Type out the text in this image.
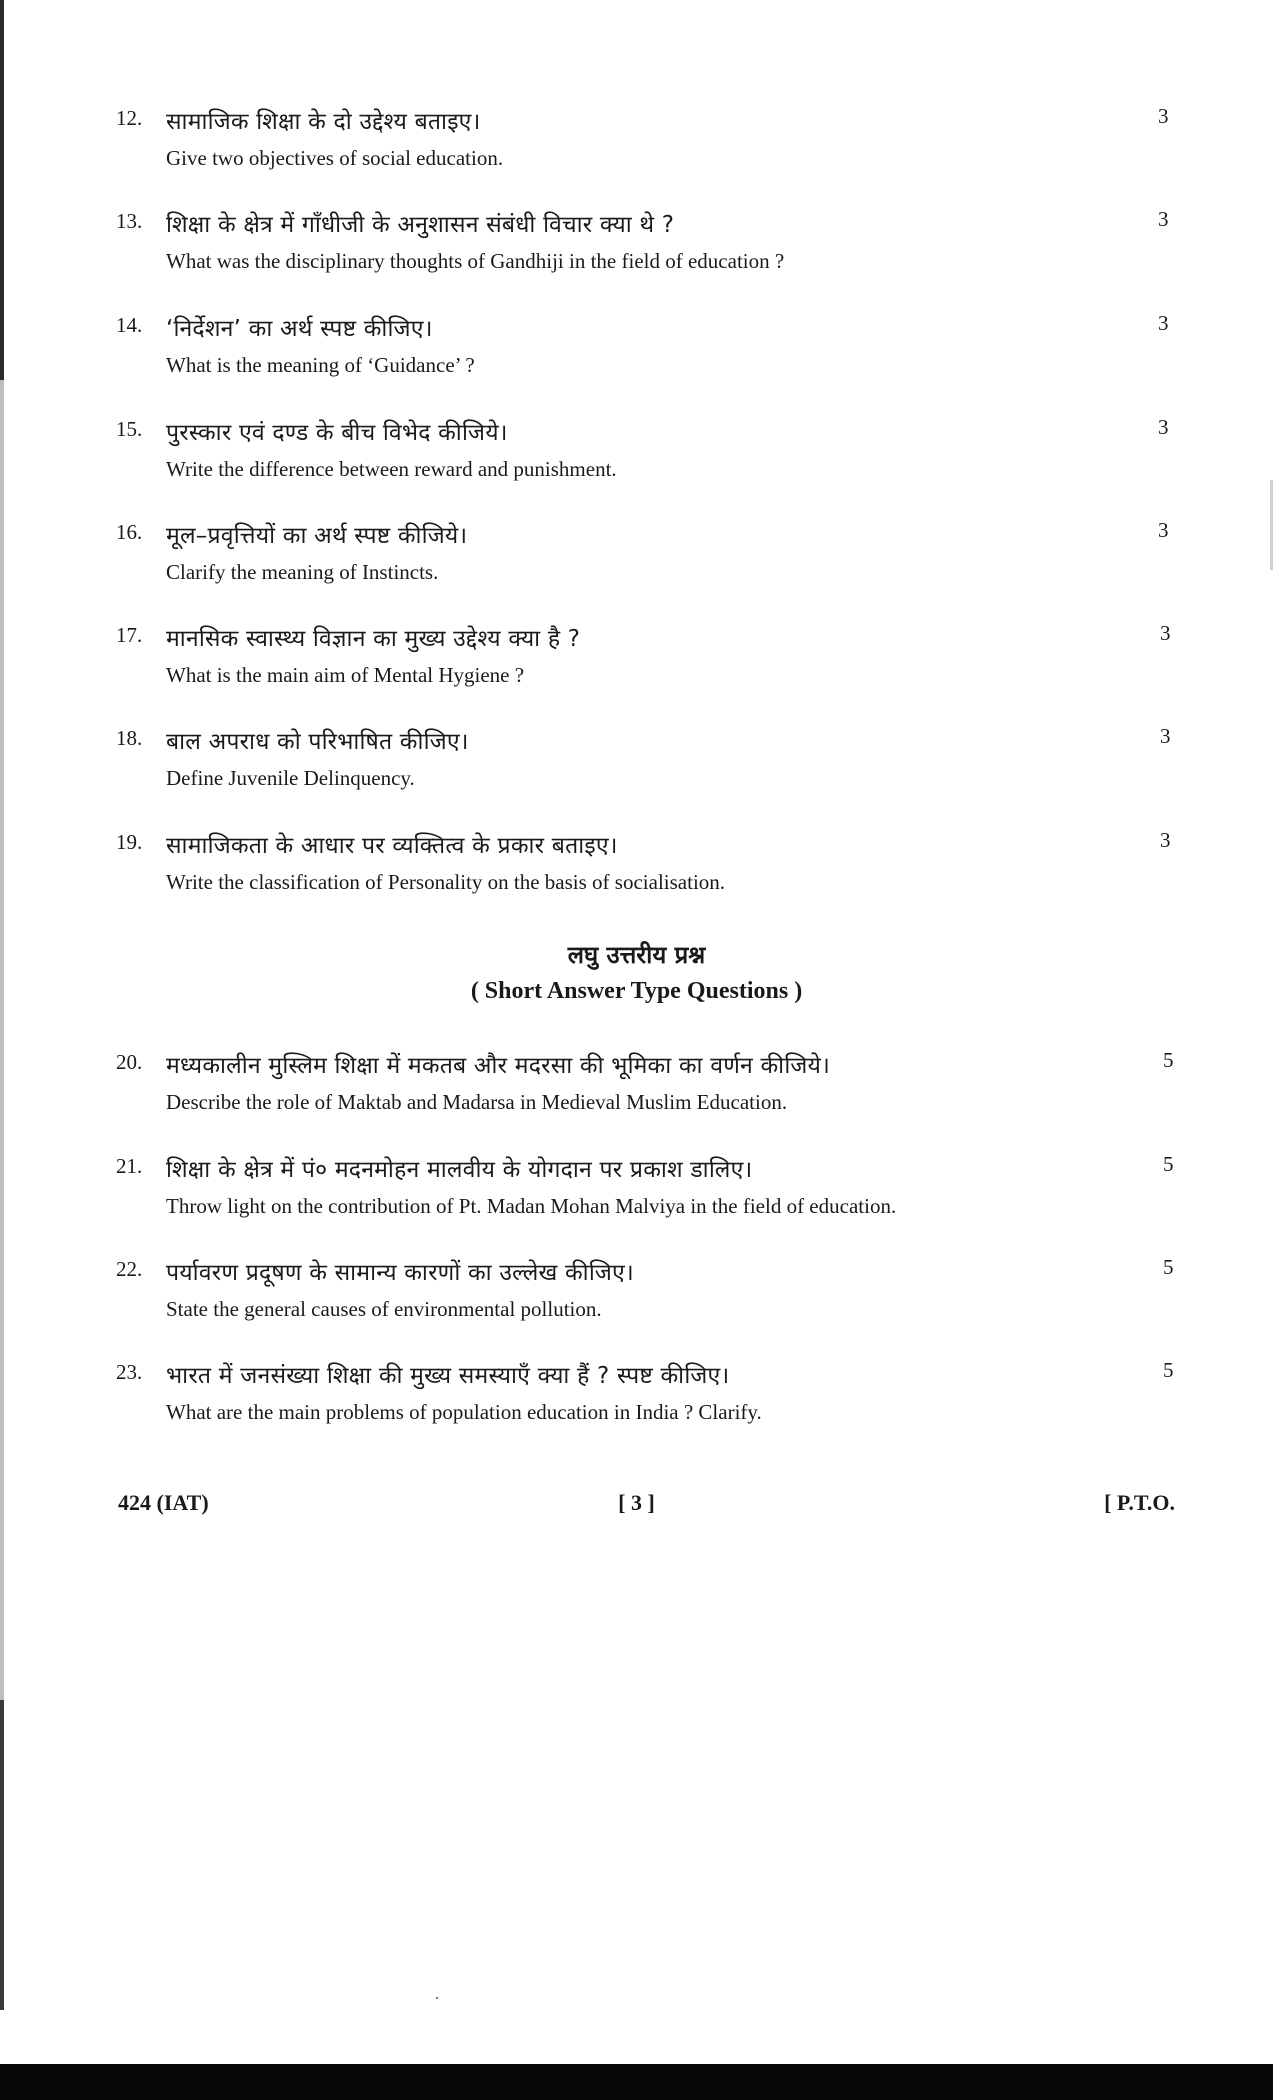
12. सामाजिक शिक्षा के दो उद्देश्य बताइए।
Give two objectives of social education.
3
13. शिक्षा के क्षेत्र में गाँधीजी के अनुशासन संबंधी विचार क्या थे ?
What was the disciplinary thoughts of Gandhiji in the field of education ?
3
14. ‘निर्देशन’ का अर्थ स्पष्ट कीजिए।
What is the meaning of ‘Guidance’ ?
3
15. पुरस्कार एवं दण्ड के बीच विभेद कीजिये।
Write the difference between reward and punishment.
3
16. मूल–प्रवृत्तियों का अर्थ स्पष्ट कीजिये।
Clarify the meaning of Instincts.
3
17. मानसिक स्वास्थ्य विज्ञान का मुख्य उद्देश्य क्या है ?
What is the main aim of Mental Hygiene ?
3
18. बाल अपराध को परिभाषित कीजिए।
Define Juvenile Delinquency.
3
19. सामाजिकता के आधार पर व्यक्तित्व के प्रकार बताइए।
Write the classification of Personality on the basis of socialisation.
3
लघु उत्तरीय प्रश्न
( Short Answer Type Questions )
20. मध्यकालीन मुस्लिम शिक्षा में मकतब और मदरसा की भूमिका का वर्णन कीजिये।
Describe the role of Maktab and Madarsa in Medieval Muslim Education.
5
21. शिक्षा के क्षेत्र में पं० मदनमोहन मालवीय के योगदान पर प्रकाश डालिए।
Throw light on the contribution of Pt. Madan Mohan Malviya in the field of education.
5
22. पर्यावरण प्रदूषण के सामान्य कारणों का उल्लेख कीजिए।
State the general causes of environmental pollution.
5
23. भारत में जनसंख्या शिक्षा की मुख्य समस्याएँ क्या हैं ? स्पष्ट कीजिए।
What are the main problems of population education in India ? Clarify.
5
424 (IAT)	[ 3 ]	[ P.T.O.
